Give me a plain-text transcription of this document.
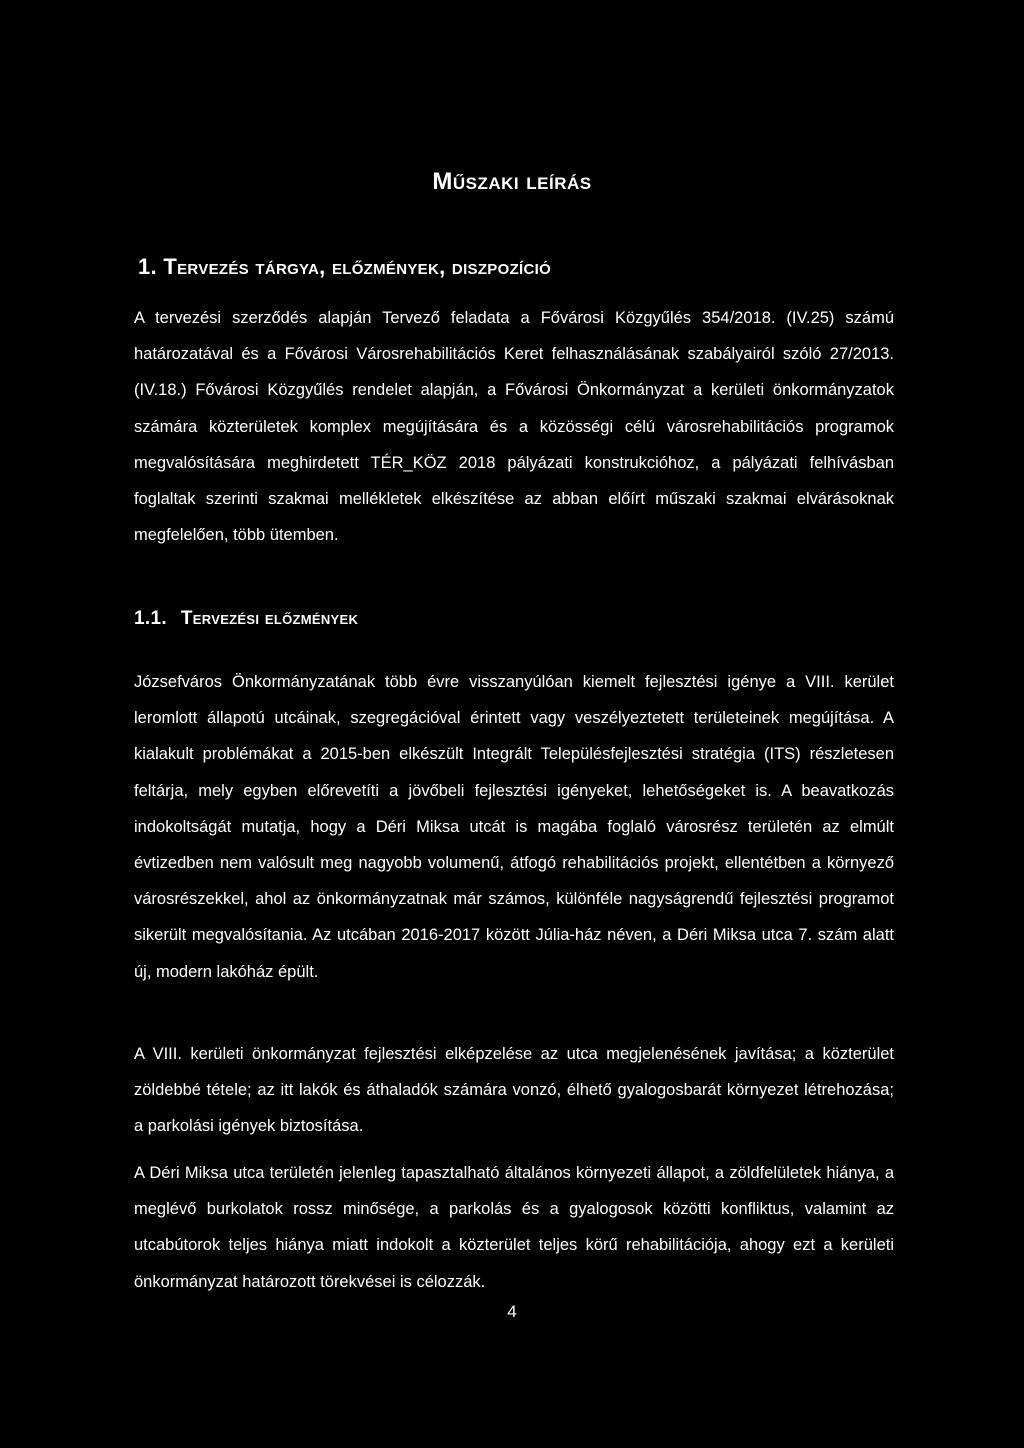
Műszaki leírás
1. Tervezés tárgya, előzmények, diszpozíció

A tervezési szerződés alapján Tervező feladata a Fővárosi Közgyűlés 354/2018. (IV.25) számú határozatával és a Fővárosi Városrehabilitációs Keret felhasználásának szabályairól szóló 27/2013. (IV.18.) Fővárosi Közgyűlés rendelet alapján, a Fővárosi Önkormányzat a kerületi önkormányzatok számára közterületek komplex megújítására és a közösségi célú városrehabilitációs programok megvalósítására meghirdetett TÉR_KÖZ 2018 pályázati konstrukcióhoz, a pályázati felhívásban foglaltak szerinti szakmai mellékletek elkészítése az abban előírt műszaki szakmai elvárásoknak megfelelően, több ütemben.

1.1. Tervezési előzmények

Józsefváros Önkormányzatának több évre visszanyúlóan kiemelt fejlesztési igénye a VIII. kerület leromlott állapotú utcáinak, szegregációval érintett vagy veszélyeztetett területeinek megújítása. A kialakult problémákat a 2015-ben elkészült Integrált Településfejlesztési stratégia (ITS) részletesen feltárja, mely egyben előrevetíti a jövőbeli fejlesztési igényeket, lehetőségeket is. A beavatkozás indokoltságát mutatja, hogy a Déri Miksa utcát is magába foglaló városrész területén az elmúlt évtizedben nem valósult meg nagyobb volumenű, átfogó rehabilitációs projekt, ellentétben a környező városrészekkel, ahol az önkormányzatnak már számos, különféle nagyságrendű fejlesztési programot sikerült megvalósítania. Az utcában 2016-2017 között Júlia-ház néven, a Déri Miksa utca 7. szám alatt új, modern lakóház épült.

A VIII. kerületi önkormányzat fejlesztési elképzelése az utca megjelenésének javítása; a közterület zöldebbé tétele; az itt lakók és áthaladók számára vonzó, élhető gyalogosbarát környezet létrehozása; a parkolási igények biztosítása.

A Déri Miksa utca területén jelenleg tapasztalható általános környezeti állapot, a zöldfelületek hiánya, a meglévő burkolatok rossz minősége, a parkolás és a gyalogosok közötti konfliktus, valamint az utcabútorok teljes hiánya miatt indokolt a közterület teljes körű rehabilitációja, ahogy ezt a kerületi önkormányzat határozott törekvései is célozzák.

4
